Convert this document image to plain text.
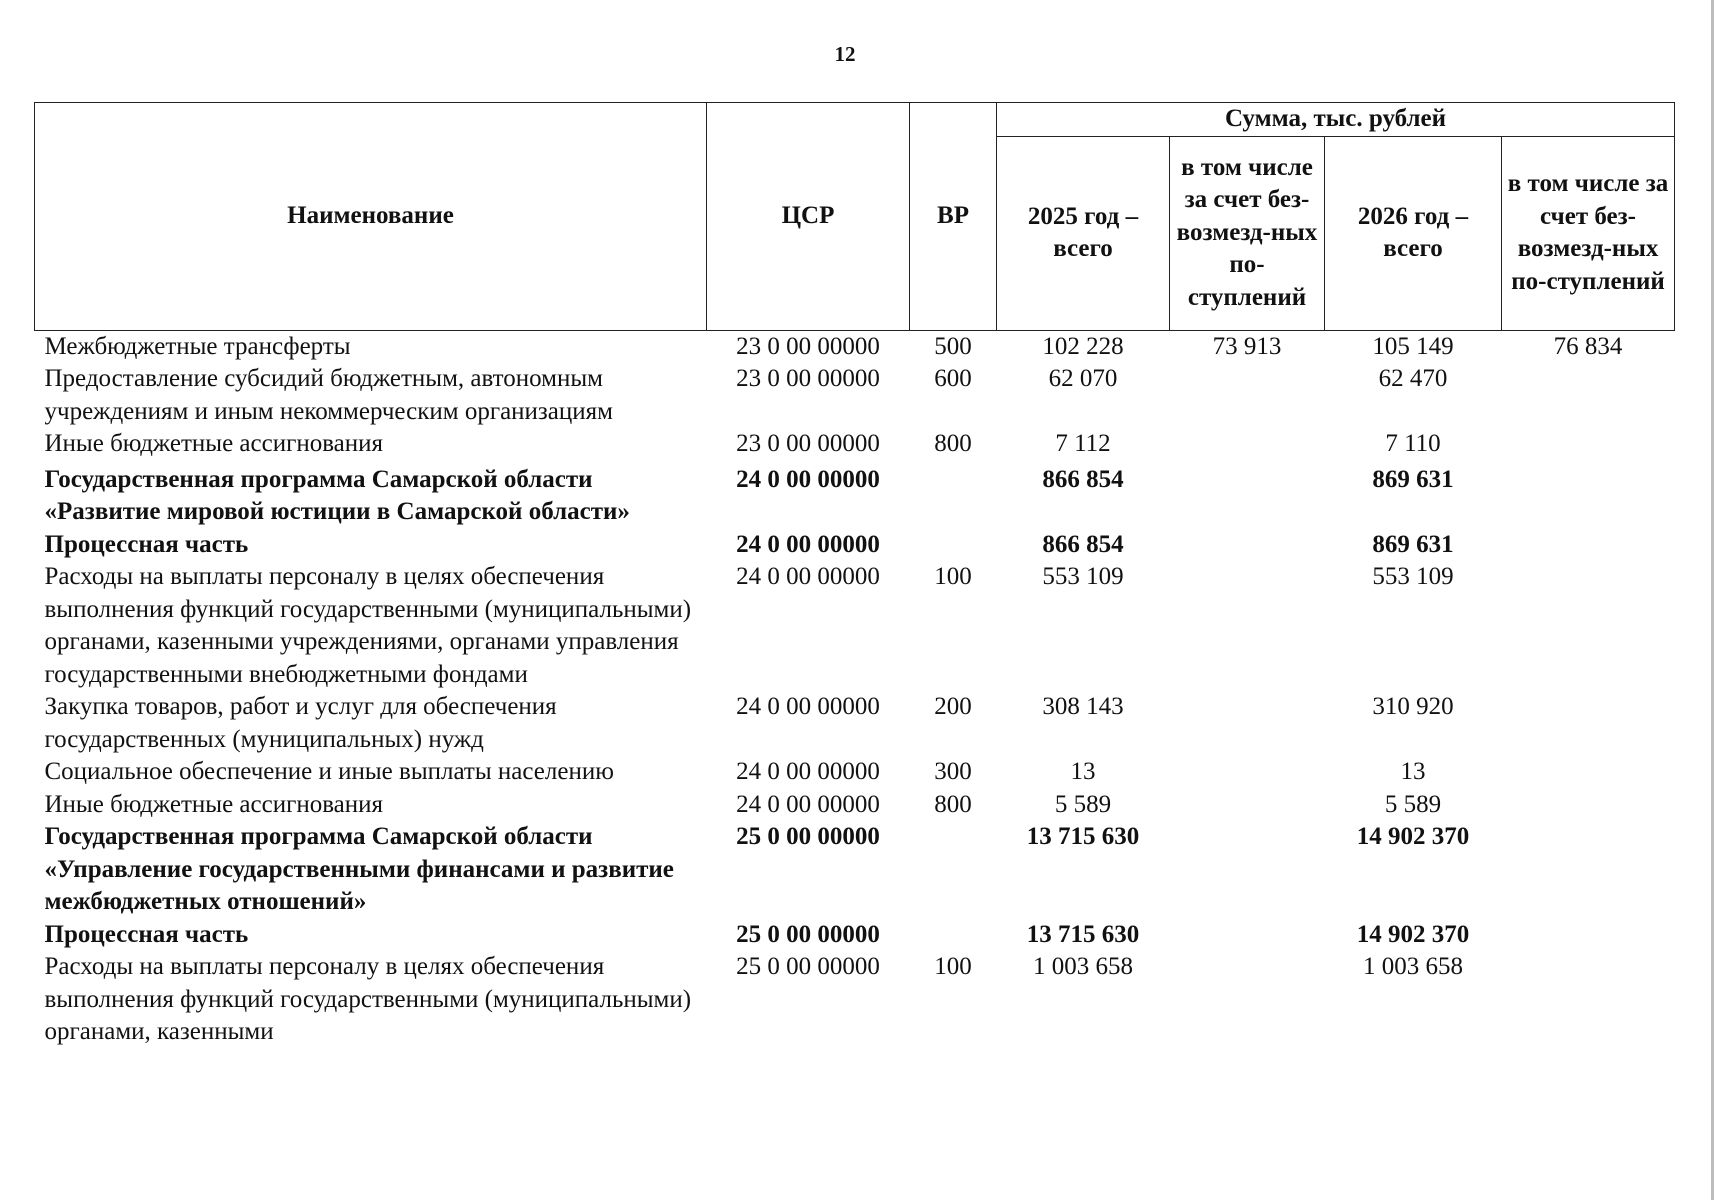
12
Наименование	ЦСР	ВР	Сумма, тыс. рублей			
			2025 год – всего	в том числе за счет без-возмезд-ных по-ступлений	2026 год – всего	в том числе за счет без-возмезд-ных по-ступлений
Межбюджетные трансферты	23 0 00 00000	500	102 228	73 913	105 149	76 834
Предоставление субсидий бюджетным, автономным учреждениям и иным некоммерческим организациям	23 0 00 00000	600	62 070		62 470	
Иные бюджетные ассигнования	23 0 00 00000	800	7 112		7 110	
Государственная программа Самарской области «Развитие мировой юстиции в Самарской области»	24 0 00 00000		866 854		869 631	
Процессная часть	24 0 00 00000		866 854		869 631	
Расходы на выплаты персоналу в целях обеспечения выполнения функций государственными (муниципальными) органами, казенными учреждениями, органами управления государственными внебюджетными фондами	24 0 00 00000	100	553 109		553 109	
Закупка товаров, работ и услуг для обеспечения государственных (муниципальных) нужд	24 0 00 00000	200	308 143		310 920	
Социальное обеспечение и иные выплаты населению	24 0 00 00000	300	13		13	
Иные бюджетные ассигнования	24 0 00 00000	800	5 589		5 589	
Государственная программа Самарской области «Управление государственными финансами и развитие межбюджетных отношений»	25 0 00 00000		13 715 630		14 902 370	
Процессная часть	25 0 00 00000		13 715 630		14 902 370	
Расходы на выплаты персоналу в целях обеспечения выполнения функций государственными (муниципальными) органами, казенными	25 0 00 00000	100	1 003 658		1 003 658	
